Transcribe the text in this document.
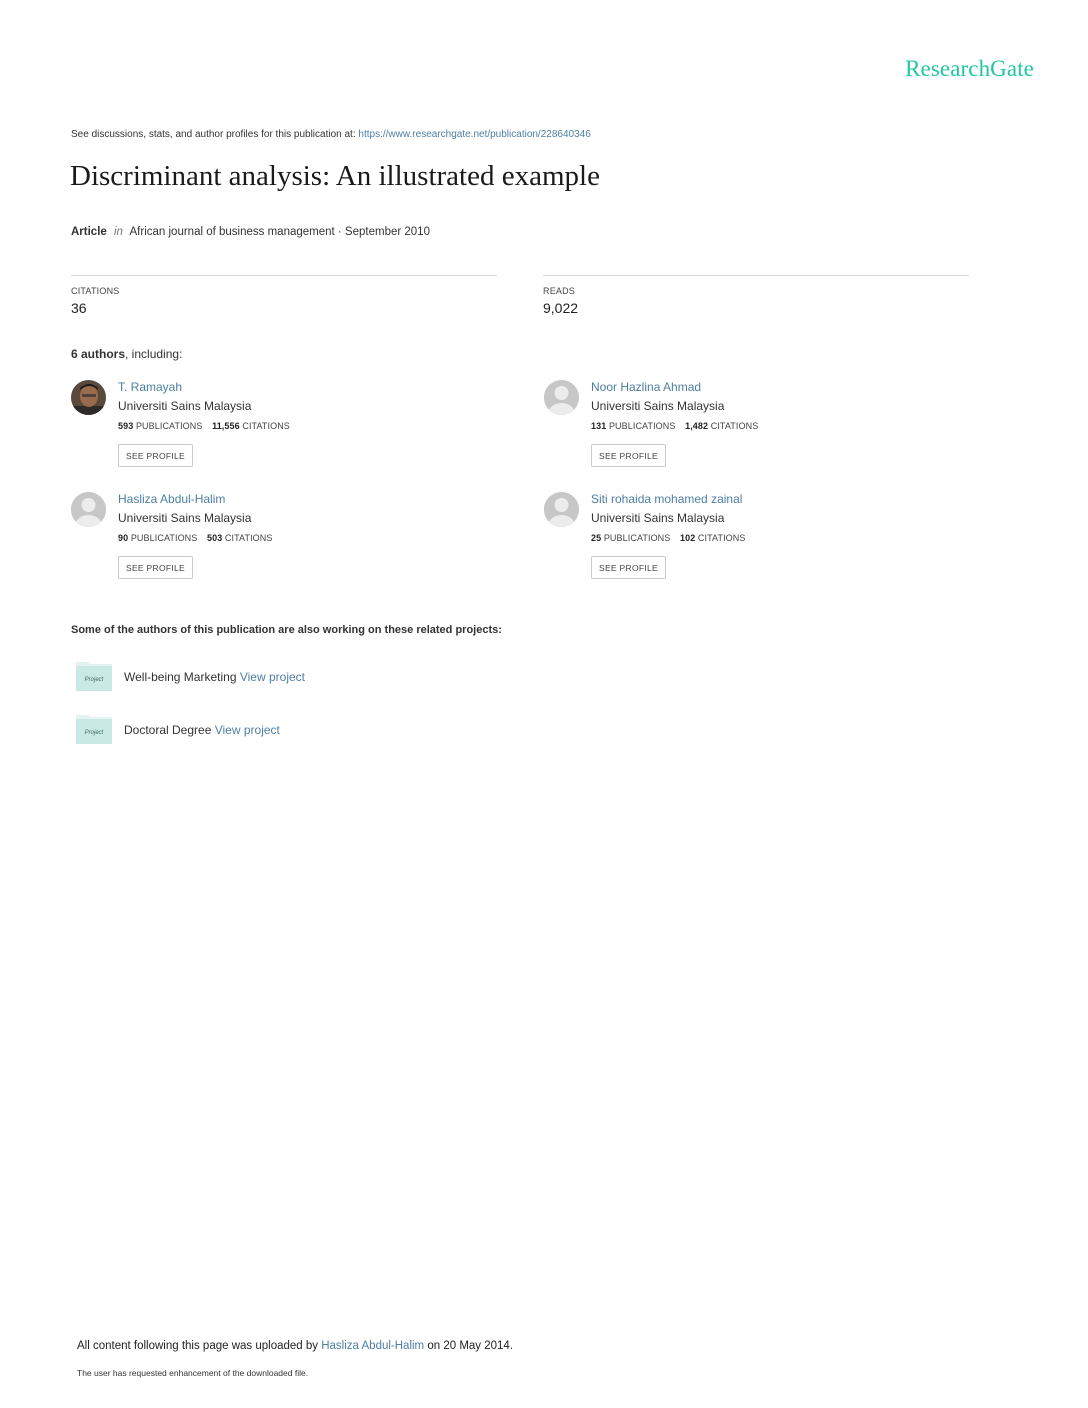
ResearchGate
See discussions, stats, and author profiles for this publication at: https://www.researchgate.net/publication/228640346
Discriminant analysis: An illustrated example
Article in African journal of business management · September 2010
CITATIONS
36
READS
9,022
6 authors, including:
T. Ramayah
Universiti Sains Malaysia
593 PUBLICATIONS 11,556 CITATIONS
SEE PROFILE
Noor Hazlina Ahmad
Universiti Sains Malaysia
131 PUBLICATIONS 1,482 CITATIONS
SEE PROFILE
Hasliza Abdul-Halim
Universiti Sains Malaysia
90 PUBLICATIONS 503 CITATIONS
SEE PROFILE
Siti rohaida mohamed zainal
Universiti Sains Malaysia
25 PUBLICATIONS 102 CITATIONS
SEE PROFILE
Some of the authors of this publication are also working on these related projects:
Project Well-being Marketing View project
Project Doctoral Degree View project
All content following this page was uploaded by Hasliza Abdul-Halim on 20 May 2014.
The user has requested enhancement of the downloaded file.
